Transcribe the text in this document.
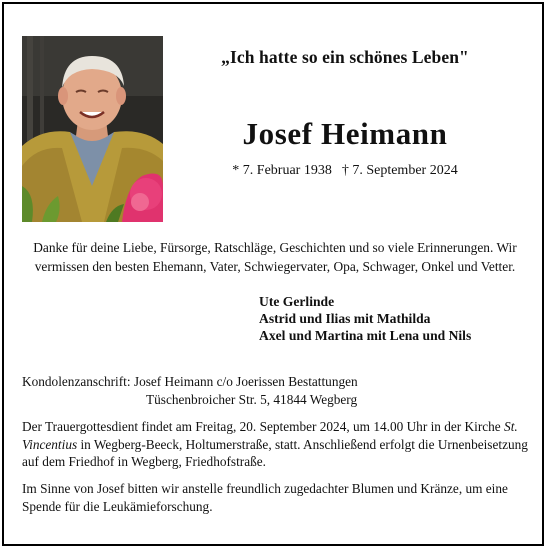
„Ich hatte so ein schönes Leben"
Josef Heimann
* 7. Februar 1938 † 7. September 2024
Danke für deine Liebe, Fürsorge, Ratschläge, Geschichten und so viele Erinnerungen. Wir vermissen den besten Ehemann, Vater, Schwiegervater, Opa, Schwager, Onkel und Vetter.
Ute Gerlinde
Astrid und Ilias mit Mathilda
Axel und Martina mit Lena und Nils
Kondolenzanschrift: Josef Heimann c/o Joerissen Bestattungen
Tüschenbroicher Str. 5, 41844 Wegberg
Der Trauergottesdient findet am Freitag, 20. September 2024, um 14.00 Uhr in der Kirche St. Vincentius in Wegberg-Beeck, Holtumerstraße, statt. Anschließend erfolgt die Urnenbeisetzung auf dem Friedhof in Wegberg, Friedhofstraße.
Im Sinne von Josef bitten wir anstelle freundlich zugedachter Blumen und Kränze, um eine Spende für die Leukämieforschung.
